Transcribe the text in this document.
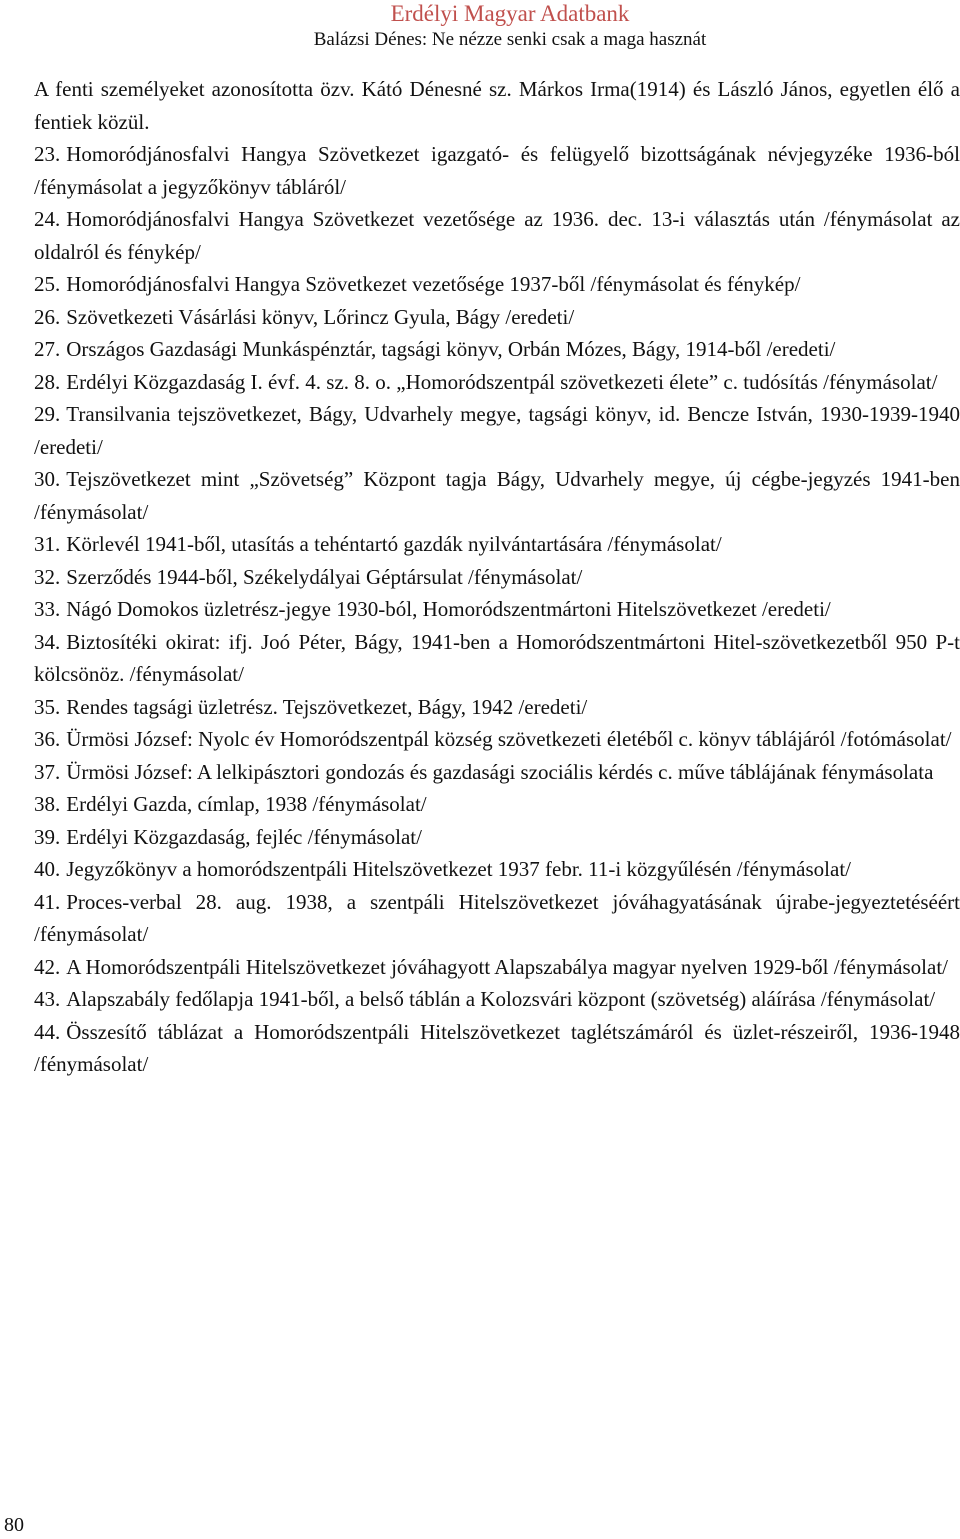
Erdélyi Magyar Adatbank
Balázsi Dénes: Ne nézze senki csak a maga hasznát

A fenti személyeket azonosította özv. Kátó Dénesné sz. Márkos Irma(1914) és László János, egyetlen élő a fentiek közül.

23. Homoródjánosfalvi Hangya Szövetkezet igazgató- és felügyelő bizottságának névjegyzéke 1936-ból /fénymásolat a jegyzőkönyv tábláról/

24. Homoródjánosfalvi Hangya Szövetkezet vezetősége az 1936. dec. 13-i választás után /fénymásolat az oldalról és fénykép/

25. Homoródjánosfalvi Hangya Szövetkezet vezetősége 1937-ből /fénymásolat és fénykép/

26. Szövetkezeti Vásárlási könyv, Lőrincz Gyula, Bágy /eredeti/

27. Országos Gazdasági Munkáspénztár, tagsági könyv, Orbán Mózes, Bágy, 1914-ből /eredeti/

28. Erdélyi Közgazdaság I. évf. 4. sz. 8. o. „Homoródszentpál szövetkezeti élete” c. tudósítás /fénymásolat/

29. Transilvania tejszövetkezet, Bágy, Udvarhely megye, tagsági könyv, id. Bencze István, 1930-1939-1940 /eredeti/

30. Tejszövetkezet mint „Szövetség” Központ tagja Bágy, Udvarhely megye, új cégbe-jegyzés 1941-ben /fénymásolat/

31. Körlevél 1941-ből, utasítás a tehéntartó gazdák nyilvántartására /fénymásolat/

32. Szerződés 1944-ből, Székelydályai Géptársulat /fénymásolat/

33. Nágó Domokos üzletrész-jegye 1930-ból, Homoródszentmártoni Hitelszövetkezet /eredeti/

34. Biztosítéki okirat: ifj. Joó Péter, Bágy, 1941-ben a Homoródszentmártoni Hitel-szövetkezetből 950 P-t kölcsönöz. /fénymásolat/

35. Rendes tagsági üzletrész. Tejszövetkezet, Bágy, 1942 /eredeti/

36. Ürmösi József: Nyolc év Homoródszentpál község szövetkezeti életéből c. könyv táblájáról /fotómásolat/

37. Ürmösi József: A lelkipásztori gondozás és gazdasági szociális kérdés c. műve táblájának fénymásolata

38. Erdélyi Gazda, címlap, 1938 /fénymásolat/

39. Erdélyi Közgazdaság, fejléc /fénymásolat/

40. Jegyzőkönyv a homoródszentpáli Hitelszövetkezet 1937 febr. 11-i közgyűlésén /fénymásolat/

41. Proces-verbal 28. aug. 1938, a szentpáli Hitelszövetkezet jóváhagyatásának újrabe-jegyeztetéséért /fénymásolat/

42. A Homoródszentpáli Hitelszövetkezet jóváhagyott Alapszabálya magyar nyelven 1929-ből /fénymásolat/

43. Alapszabály fedőlapja 1941-ből, a belső táblán a Kolozsvári központ (szövetség) aláírása /fénymásolat/

44. Összesítő táblázat a Homoródszentpáli Hitelszövetkezet taglétszámáról és üzlet-részeiről, 1936-1948 /fénymásolat/

80
